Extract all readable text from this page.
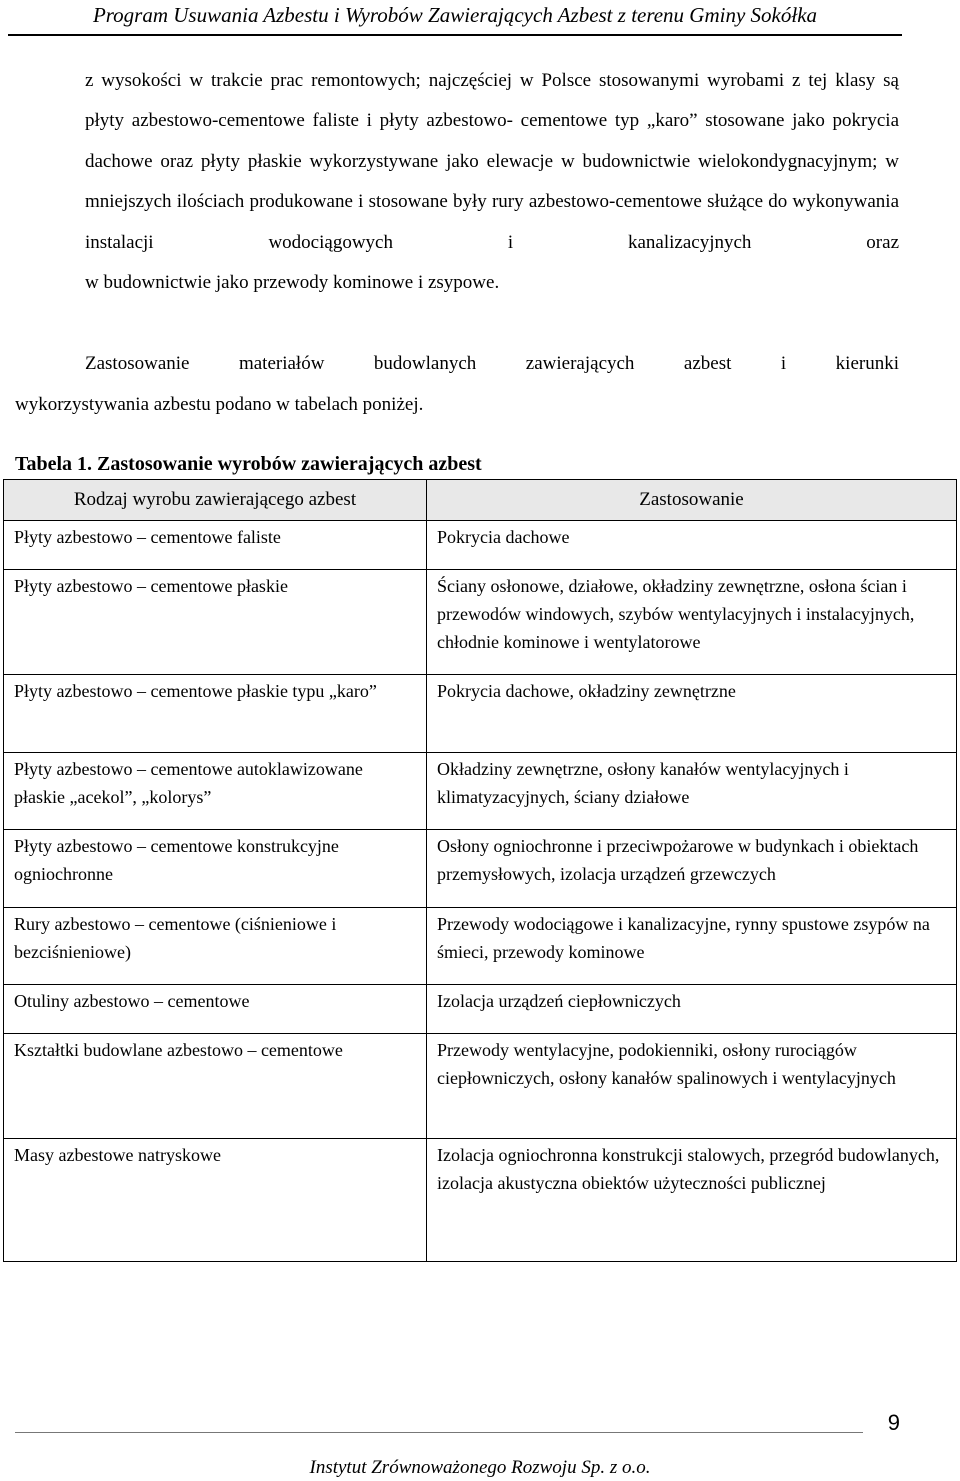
Program Usuwania Azbestu i Wyrobów Zawierających Azbest z terenu Gminy Sokółka

z wysokości w trakcie prac remontowych; najczęściej w Polsce stosowanymi wyrobami z tej klasy są płyty azbestowo-cementowe faliste i płyty azbestowo- cementowe typ „karo” stosowane jako pokrycia dachowe oraz płyty płaskie wykorzystywane jako elewacje w budownictwie wielokondygnacyjnym; w mniejszych ilościach produkowane i stosowane były rury azbestowo-cementowe służące do wykonywania instalacji wodociągowych i kanalizacyjnych oraz
w budownictwie jako przewody kominowe i zsypowe.

Zastosowanie materiałów budowlanych zawierających azbest i kierunki
wykorzystywania azbestu podano w tabelach poniżej.

Tabela 1. Zastosowanie wyrobów zawierających azbest
Rodzaj wyrobu zawierającego azbest	Zastosowanie
Płyty azbestowo – cementowe faliste	Pokrycia dachowe
Płyty azbestowo – cementowe płaskie	Ściany osłonowe, działowe, okładziny zewnętrzne, osłona ścian i przewodów windowych, szybów wentylacyjnych i instalacyjnych, chłodnie kominowe i wentylatorowe
Płyty azbestowo – cementowe płaskie typu „karo”	Pokrycia dachowe, okładziny zewnętrzne
Płyty azbestowo – cementowe autoklawizowane płaskie „acekol”, „kolorys”	Okładziny zewnętrzne, osłony kanałów wentylacyjnych i klimatyzacyjnych, ściany działowe
Płyty azbestowo – cementowe konstrukcyjne ogniochronne	Osłony ogniochronne i przeciwpożarowe w budynkach i obiektach przemysłowych, izolacja urządzeń grzewczych
Rury azbestowo – cementowe (ciśnieniowe i bezciśnieniowe)	Przewody wodociągowe i kanalizacyjne, rynny spustowe zsypów na śmieci, przewody kominowe
Otuliny azbestowo – cementowe	Izolacja urządzeń ciepłowniczych
Kształtki budowlane azbestowo – cementowe	Przewody wentylacyjne, podokienniki, osłony rurociągów ciepłowniczych, osłony kanałów spalinowych i wentylacyjnych
Masy azbestowe natryskowe	Izolacja ogniochronna konstrukcji stalowych, przegród budowlanych, izolacja akustyczna obiektów użyteczności publicznej
9
Instytut Zrównoważonego Rozwoju Sp. z o.o.
